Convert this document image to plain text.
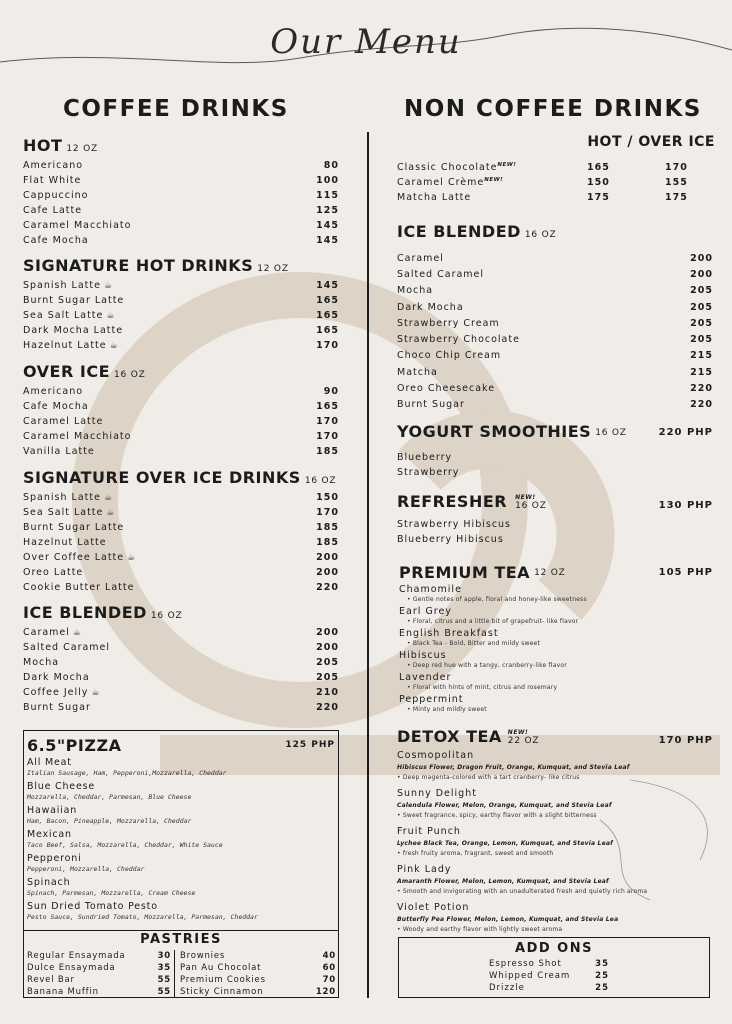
Our Menu
COFFEE DRINKS	NON COFFEE DRINKS
HOT 12 OZ
Americano	80
Flat White	100
Cappuccino	115
Cafe Latte	125
Caramel Macchiato	145
Cafe Mocha	145
SIGNATURE HOT DRINKS 12 OZ
Spanish Latte ☕	145
Burnt Sugar Latte	165
Sea Salt Latte ☕	165
Dark Mocha Latte	165
Hazelnut Latte ☕	170
OVER ICE 16 OZ
Americano	90
Cafe Mocha	165
Caramel Latte	170
Caramel Macchiato	170
Vanilla Latte	185
SIGNATURE OVER ICE DRINKS 16 OZ
Spanish Latte ☕	150
Sea Salt Latte ☕	170
Burnt Sugar Latte	185
Hazelnut Latte	185
Over Coffee Latte ☕	200
Oreo Latte	200
Cookie Butter Latte	220
ICE BLENDED 16 OZ
Caramel ☕	200
Salted Caramel	200
Mocha	205
Dark Mocha	205
Coffee Jelly ☕	210
Burnt Sugar	220
6.5"PIZZA	125 PHP
All Meat
Italian Sausage, Ham, Pepperoni,Mozzarella, Cheddar
Blue Cheese
Mozzarella, Cheddar, Parmesan, Blue Cheese
Hawaiian
Ham, Bacon, Pineapple, Mozzarella, Cheddar
Mexican
Taco Beef, Salsa, Mozzarella, Cheddar, White Sauce
Pepperoni
Pepperoni, Mozzarella, Cheddar
Spinach
Spinach, Parmesan, Mozzarella, Cream Cheese
Sun Dried Tomato Pesto
Pesto Sauce, Sundried Tomato, Mozzarella, Parmesan, Cheddar
PASTRIES
Regular Ensaymada	30
Dulce Ensaymada	35
Revel Bar	55
Banana Muffin	55
Brownies	40
Pan Au Chocolat	60
Premium Cookies	70
Sticky Cinnamon	120
HOT / OVER ICE
Classic Chocolate$^{NEW!}$	165	170
Caramel Crème$^{NEW!}$	150	155
Matcha Latte	175	175
ICE BLENDED 16 OZ
Caramel	200
Salted Caramel	200
Mocha	205
Dark Mocha	205
Strawberry Cream	205
Strawberry Chocolate	205
Choco Chip Cream	215
Matcha	215
Oreo Cheesecake	220
Burnt Sugar	220
YOGURT SMOOTHIES 16 OZ	220 PHP
Blueberry
Strawberry
REFRESHER NEW!
16 OZ	130 PHP
Strawberry Hibiscus
Blueberry Hibiscus
PREMIUM TEA 12 OZ	105 PHP
Chamomile
• Gentle notes of apple, floral and honey-like sweetness
Earl Grey
• Floral, citrus and a little bit of grapefruit- like flavor
English Breakfast
• Black Tea - Bold, Bitter and mildy sweet
Hibiscus
• Deep red hue with a tangy, cranberry-like flavor
Lavender
• Floral with hints of mint, citrus and rosemary
Peppermint
• Minty and mildly sweet
DETOX TEA NEW!
22 OZ	170 PHP
Cosmopolitan
Hibiscus Flower, Dragon Fruit, Orange, Kumquat, and Stevia Leaf
• Deep magenta-colored with a tart cranberry- like citrus
Sunny Delight
Calendula Flower, Melon, Orange, Kumquat, and Stevia Leaf
• Sweet fragrance, spicy, earthy flavor with a slight bitterness
Fruit Punch
Lychee Black Tea, Orange, Lemon, Kumquat, and Stevia Leaf
• fresh fruity aroma, fragrant, sweet and smooth
Pink Lady
Amaranth Flower, Melon, Lemon, Kumquat, and Stevia Leaf
• Smooth and invigorating with an unadulterated fresh and quietly rich aroma
Violet Potion
Butterfly Pea Flower, Melon, Lemon, Kumquat, and Stevia Lea
• Woody and earthy flavor with lightly sweet aroma
ADD ONS
Espresso Shot	35
Whipped Cream	25
Drizzle	25
